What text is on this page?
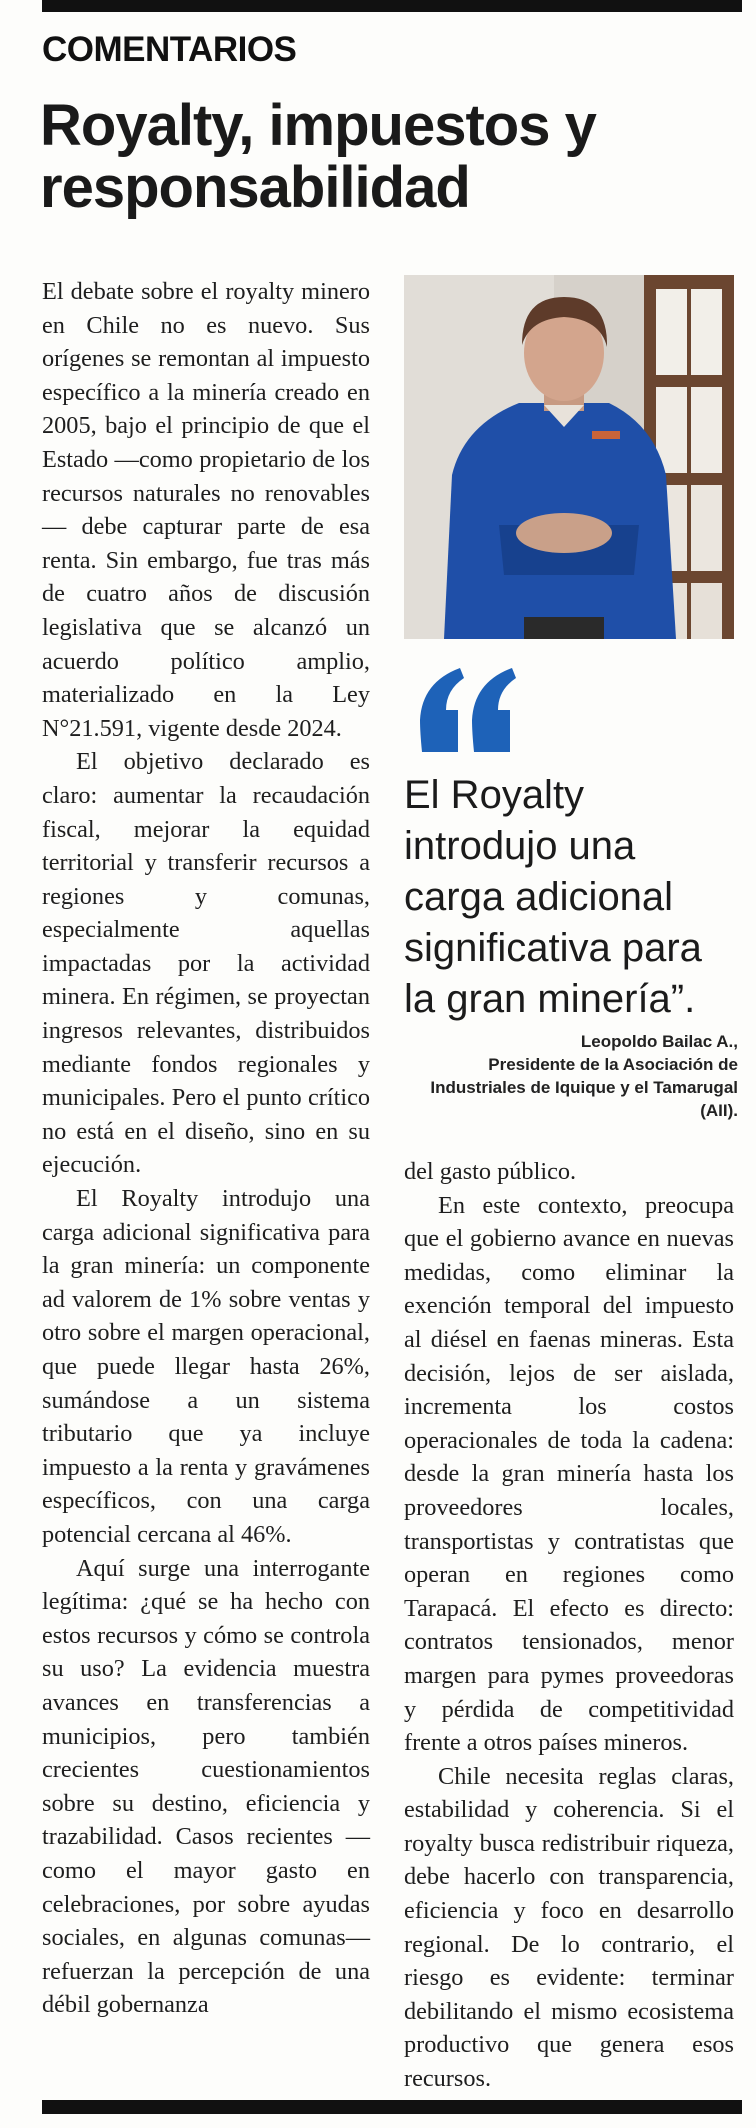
COMENTARIOS
Royalty, impuestos y responsabilidad

El debate sobre el royalty minero en Chile no es nuevo. Sus orígenes se remontan al impuesto específico a la minería creado en 2005, bajo el principio de que el Estado —como propietario de los recursos naturales no renovables— debe capturar parte de esa renta. Sin embargo, fue tras más de cuatro años de discusión legislativa que se alcanzó un acuerdo político amplio, materializado en la Ley N°21.591, vigente desde 2024.

El objetivo declarado es claro: aumentar la recaudación fiscal, mejorar la equidad territorial y transferir recursos a regiones y comunas, especialmente aquellas impactadas por la actividad minera. En régimen, se proyectan ingresos relevantes, distribuidos mediante fondos regionales y municipales. Pero el punto crítico no está en el diseño, sino en su ejecución.

El Royalty introdujo una carga adicional significativa para la gran minería: un componente ad valorem de 1% sobre ventas y otro sobre el margen operacional, que puede llegar hasta 26%, sumándose a un sistema tributario que ya incluye impuesto a la renta y gravámenes específicos, con una carga potencial cercana al 46%.

Aquí surge una interrogante legítima: ¿qué se ha hecho con estos recursos y cómo se controla su uso? La evidencia muestra avances en transferencias a municipios, pero también crecientes cuestionamientos sobre su destino, eficiencia y trazabilidad. Casos recientes —como el mayor gasto en celebraciones, por sobre ayudas sociales, en algunas comunas— refuerzan la percepción de una débil gobernanza

El Royalty introdujo una carga adicional significativa para la gran minería”.
Leopoldo Bailac A.,
Presidente de la Asociación de Industriales de Iquique y el Tamarugal (AII).

del gasto público.

En este contexto, preocupa que el gobierno avance en nuevas medidas, como eliminar la exención temporal del impuesto al diésel en faenas mineras. Esta decisión, lejos de ser aislada, incrementa los costos operacionales de toda la cadena: desde la gran minería hasta los proveedores locales, transportistas y contratistas que operan en regiones como Tarapacá. El efecto es directo: contratos tensionados, menor margen para pymes proveedoras y pérdida de competitividad frente a otros países mineros.

Chile necesita reglas claras, estabilidad y coherencia. Si el royalty busca redistribuir riqueza, debe hacerlo con transparencia, eficiencia y foco en desarrollo regional. De lo contrario, el riesgo es evidente: terminar debilitando el mismo ecosistema productivo que genera esos recursos.
